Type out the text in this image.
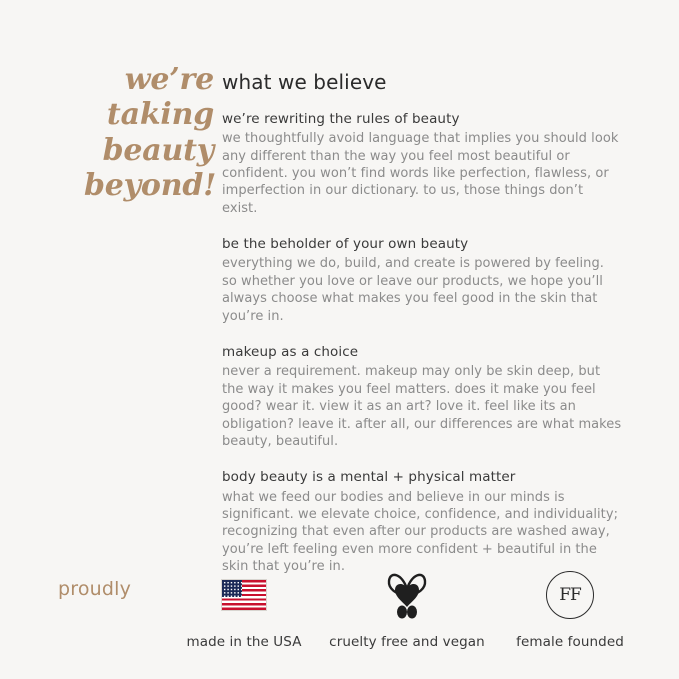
we’re
taking
beauty
beyond!
what we believe

we’re rewriting the rules of beauty

we thoughtfully avoid language that implies you should look any different than the way you feel most beautiful or confident. you won’t find words like perfection, flawless, or imperfection in our dictionary. to us, those things don’t exist.

be the beholder of your own beauty

everything we do, build, and create is powered by feeling. so whether you love or leave our products, we hope you’ll always choose what makes you feel good in the skin that you’re in.

makeup as a choice

never a requirement. makeup may only be skin deep, but the way it makes you feel matters. does it make you feel good? wear it. view it as an art? love it. feel like its an obligation? leave it. after all, our differences are what makes beauty, beautiful.

body beauty is a mental + physical matter

what we feed our bodies and believe in our minds is significant. we elevate choice, confidence, and individuality; recognizing that even after our products are washed away, you’re left feeling even more confident + beautiful in the skin that you’re in.

proudly
made in the USA	cruelty free and vegan
FF
female founded
